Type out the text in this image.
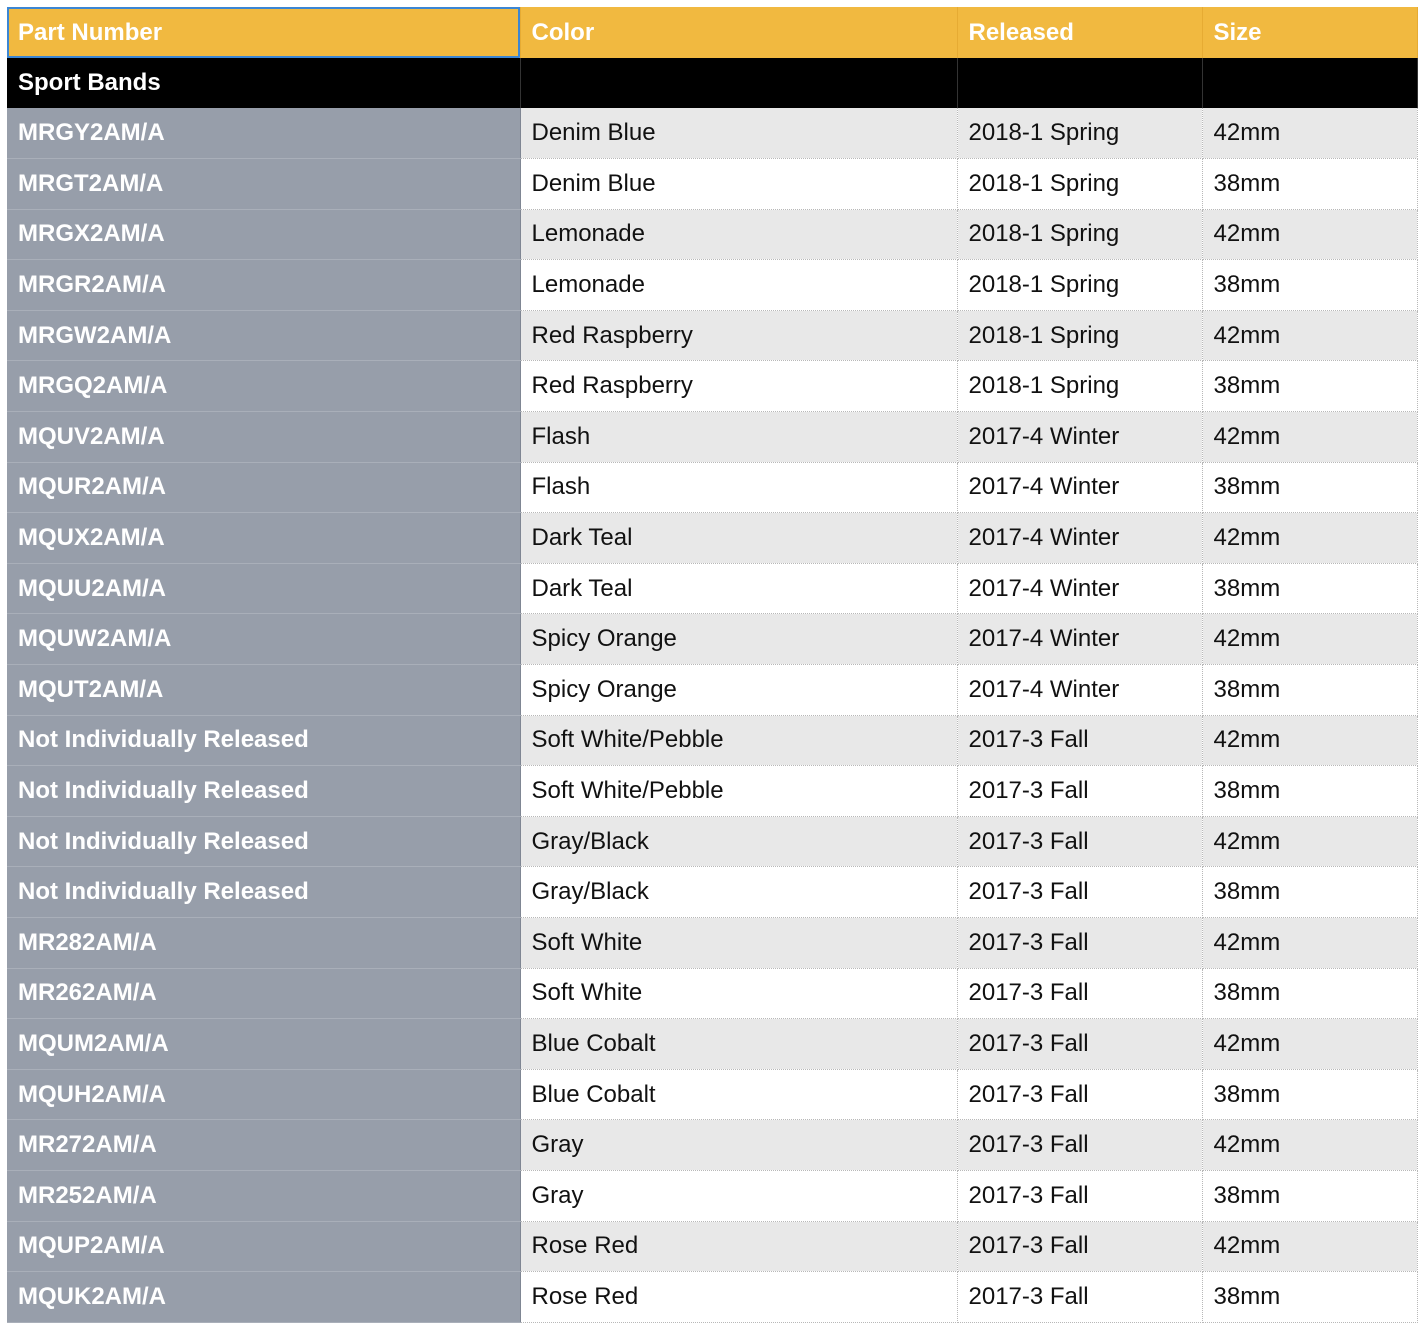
Part Number	Color	Released	Size
Sport Bands			
MRGY2AM/A	Denim Blue	2018-1 Spring	42mm
MRGT2AM/A	Denim Blue	2018-1 Spring	38mm
MRGX2AM/A	Lemonade	2018-1 Spring	42mm
MRGR2AM/A	Lemonade	2018-1 Spring	38mm
MRGW2AM/A	Red Raspberry	2018-1 Spring	42mm
MRGQ2AM/A	Red Raspberry	2018-1 Spring	38mm
MQUV2AM/A	Flash	2017-4 Winter	42mm
MQUR2AM/A	Flash	2017-4 Winter	38mm
MQUX2AM/A	Dark Teal	2017-4 Winter	42mm
MQUU2AM/A	Dark Teal	2017-4 Winter	38mm
MQUW2AM/A	Spicy Orange	2017-4 Winter	42mm
MQUT2AM/A	Spicy Orange	2017-4 Winter	38mm
Not Individually Released	Soft White/Pebble	2017-3 Fall	42mm
Not Individually Released	Soft White/Pebble	2017-3 Fall	38mm
Not Individually Released	Gray/Black	2017-3 Fall	42mm
Not Individually Released	Gray/Black	2017-3 Fall	38mm
MR282AM/A	Soft White	2017-3 Fall	42mm
MR262AM/A	Soft White	2017-3 Fall	38mm
MQUM2AM/A	Blue Cobalt	2017-3 Fall	42mm
MQUH2AM/A	Blue Cobalt	2017-3 Fall	38mm
MR272AM/A	Gray	2017-3 Fall	42mm
MR252AM/A	Gray	2017-3 Fall	38mm
MQUP2AM/A	Rose Red	2017-3 Fall	42mm
MQUK2AM/A	Rose Red	2017-3 Fall	38mm
